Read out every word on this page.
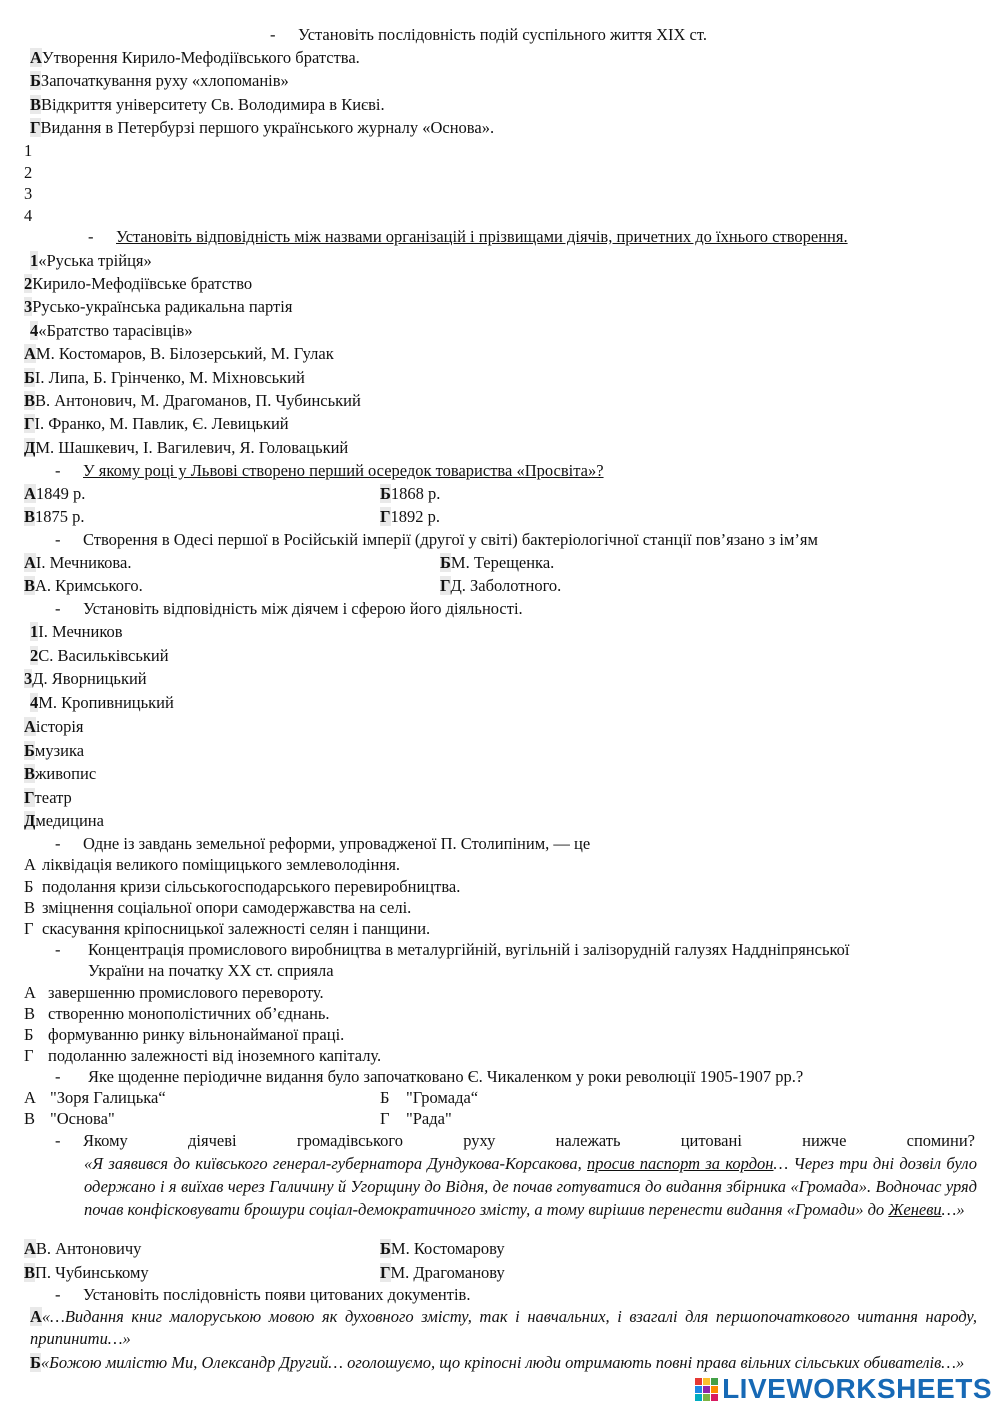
- Установіть послідовність подій суспільного життя XIX ст.
АУтворення Кирило-Мефодіївського братства.
БЗапочаткування руху «хлопоманів»
ВВідкриття університету Св. Володимира в Києві.
ГВидання в Петербурзі першого українського журналу «Основа».
1
2
3
4
- Установіть відповідність між назвами організацій і прізвищами діячів, причетних до їхнього створення.
1«Руська трійця»
2Кирило-Мефодіївське братство
3Русько-українська радикальна партія
4«Братство тарасівців»
АМ. Костомаров, В. Білозерський, М. Гулак
БІ. Липа, Б. Грінченко, М. Міхновський
ВВ. Антонович, М. Драгоманов, П. Чубинський
ГІ. Франко, М. Павлик, Є. Левицький
ДМ. Шашкевич, І. Вагилевич, Я. Головацький
- У якому році у Львові створено перший осередок товариства «Просвіта»?
А1849 р.	Б1868 р.
В1875 р.	Г1892 р.
- Створення в Одесі першої в Російській імперії (другої у світі) бактеріологічної станції пов’язано з ім’ям
АІ. Мечникова.	БМ. Терещенка.
ВА. Кримського.	ГД. Заболотного.
- Установіть відповідність між діячем і сферою його діяльності.
1І. Мечников
2С. Васильківський
3Д. Яворницький
4М. Кропивницький
Аісторія
Бмузика
Вживопис
Гтеатр
Дмедицина
- Одне із завдань земельної реформи, упровадженої П. Столипіним, — це
А ліквідація великого поміщицького землеволодіння.
Б подолання кризи сільськогосподарського перевиробництва.
В зміцнення соціальної опори самодержавства на селі.
Г скасування кріпосницької залежності селян і панщини.
- Концентрація промислового виробництва в металургійній, вугільній і залізорудній галузях Наддніпрянської
України на початку XX ст. сприяла
А завершенню промислового перевороту.
В створенню монополістичних об’єднань.
Б формуванню ринку вільнонайманої праці.
Г подоланню залежності від іноземного капіталу.
- Яке щоденне періодичне видання було започатковано Є. Чикаленком у роки революції 1905-1907 рр.?
А "Зоря Галицька“	Б "Громада“
В "Основа"	Г "Рада"
- Якому діячеві громадівського руху належать цитовані нижче спомини?
«Я заявився до київського генерал-губернатора Дундукова-Корсакова, просив паспорт за кордон… Через три дні дозвіл було одержано і я виїхав через Галичину й Угорщину до Відня, де почав готуватися до видання збірника «Громада». Водночас уряд почав конфісковувати брошури соціал-демократичного змісту, а тому вирішив перенести видання «Громади» до Женеви…»
АВ. Антоновичу	БМ. Костомарову
ВП. Чубинському	ГМ. Драгоманову
- Установіть послідовність появи цитованих документів.
А«…Видання книг малоруською мовою як духовного змісту, так і навчальних, і взагалі для першопочаткового читання народу, припинити…»
Б«Божою милістю Ми, Олександр Другий… оголошуємо, що кріпосні люди отримають повні права вільних сільських обивателів…»
LIVEWORKSHEETS
